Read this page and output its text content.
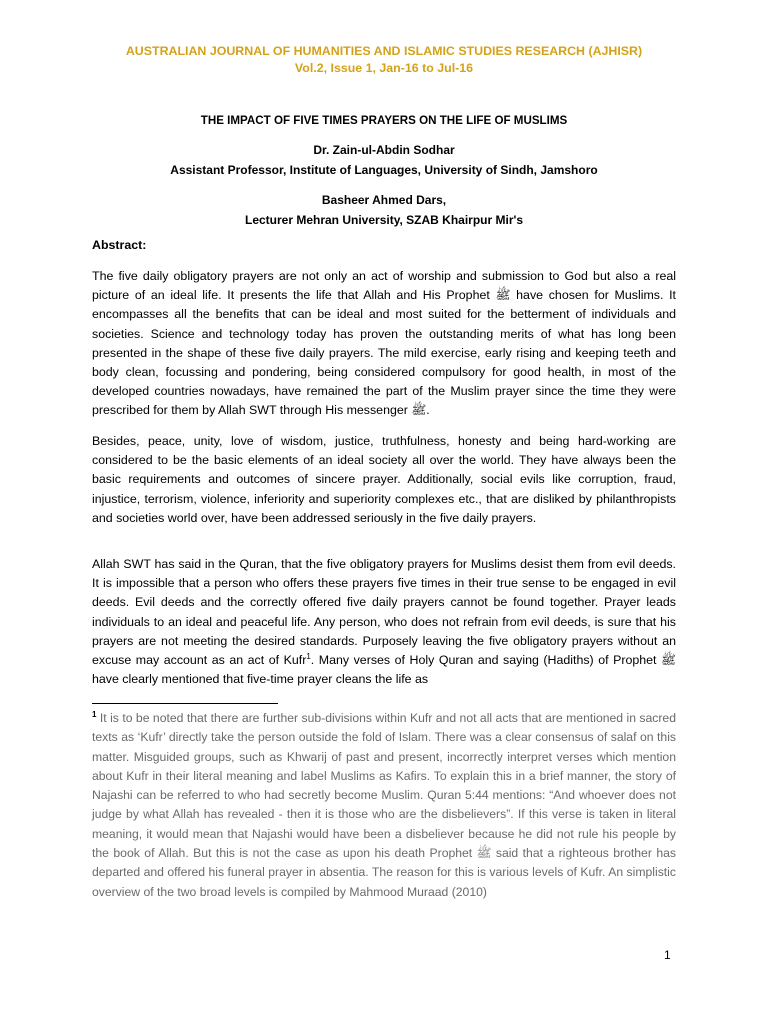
AUSTRALIAN JOURNAL OF HUMANITIES AND ISLAMIC STUDIES RESEARCH (AJHISR)
Vol.2, Issue 1, Jan-16 to Jul-16
THE IMPACT OF FIVE TIMES PRAYERS ON THE LIFE OF MUSLIMS
Dr. Zain-ul-Abdin Sodhar
Assistant Professor, Institute of Languages, University of Sindh, Jamshoro
Basheer Ahmed Dars,
Lecturer Mehran University, SZAB Khairpur Mir's
Abstract:

The five daily obligatory prayers are not only an act of worship and submission to God but also a real picture of an ideal life. It presents the life that Allah and His Prophet ﷺ have chosen for Muslims. It encompasses all the benefits that can be ideal and most suited for the betterment of individuals and societies. Science and technology today has proven the outstanding merits of what has long been presented in the shape of these five daily prayers. The mild exercise, early rising and keeping teeth and body clean, focussing and pondering, being considered compulsory for good health, in most of the developed countries nowadays, have remained the part of the Muslim prayer since the time they were prescribed for them by Allah SWT through His messenger ﷺ.

Besides, peace, unity, love of wisdom, justice, truthfulness, honesty and being hard-working are considered to be the basic elements of an ideal society all over the world. They have always been the basic requirements and outcomes of sincere prayer. Additionally, social evils like corruption, fraud, injustice, terrorism, violence, inferiority and superiority complexes etc., that are disliked by philanthropists and societies world over, have been addressed seriously in the five daily prayers.

Allah SWT has said in the Quran, that the five obligatory prayers for Muslims desist them from evil deeds. It is impossible that a person who offers these prayers five times in their true sense to be engaged in evil deeds. Evil deeds and the correctly offered five daily prayers cannot be found together. Prayer leads individuals to an ideal and peaceful life. Any person, who does not refrain from evil deeds, is sure that his prayers are not meeting the desired standards. Purposely leaving the five obligatory prayers without an excuse may account as an act of Kufr$^1$. Many verses of Holy Quran and saying (Hadiths) of Prophet ﷺ have clearly mentioned that five-time prayer cleans the life as

$^1$ It is to be noted that there are further sub-divisions within Kufr and not all acts that are mentioned in sacred texts as ‘Kufr’ directly take the person outside the fold of Islam. There was a clear consensus of salaf on this matter. Misguided groups, such as Khwarij of past and present, incorrectly interpret verses which mention about Kufr in their literal meaning and label Muslims as Kafirs. To explain this in a brief manner, the story of Najashi can be referred to who had secretly become Muslim. Quran 5:44 mentions: “And whoever does not judge by what Allah has revealed - then it is those who are the disbelievers”. If this verse is taken in literal meaning, it would mean that Najashi would have been a disbeliever because he did not rule his people by the book of Allah. But this is not the case as upon his death Prophet ﷺ said that a righteous brother has departed and offered his funeral prayer in absentia. The reason for this is various levels of Kufr. An simplistic overview of the two broad levels is compiled by Mahmood Muraad (2010)
1
